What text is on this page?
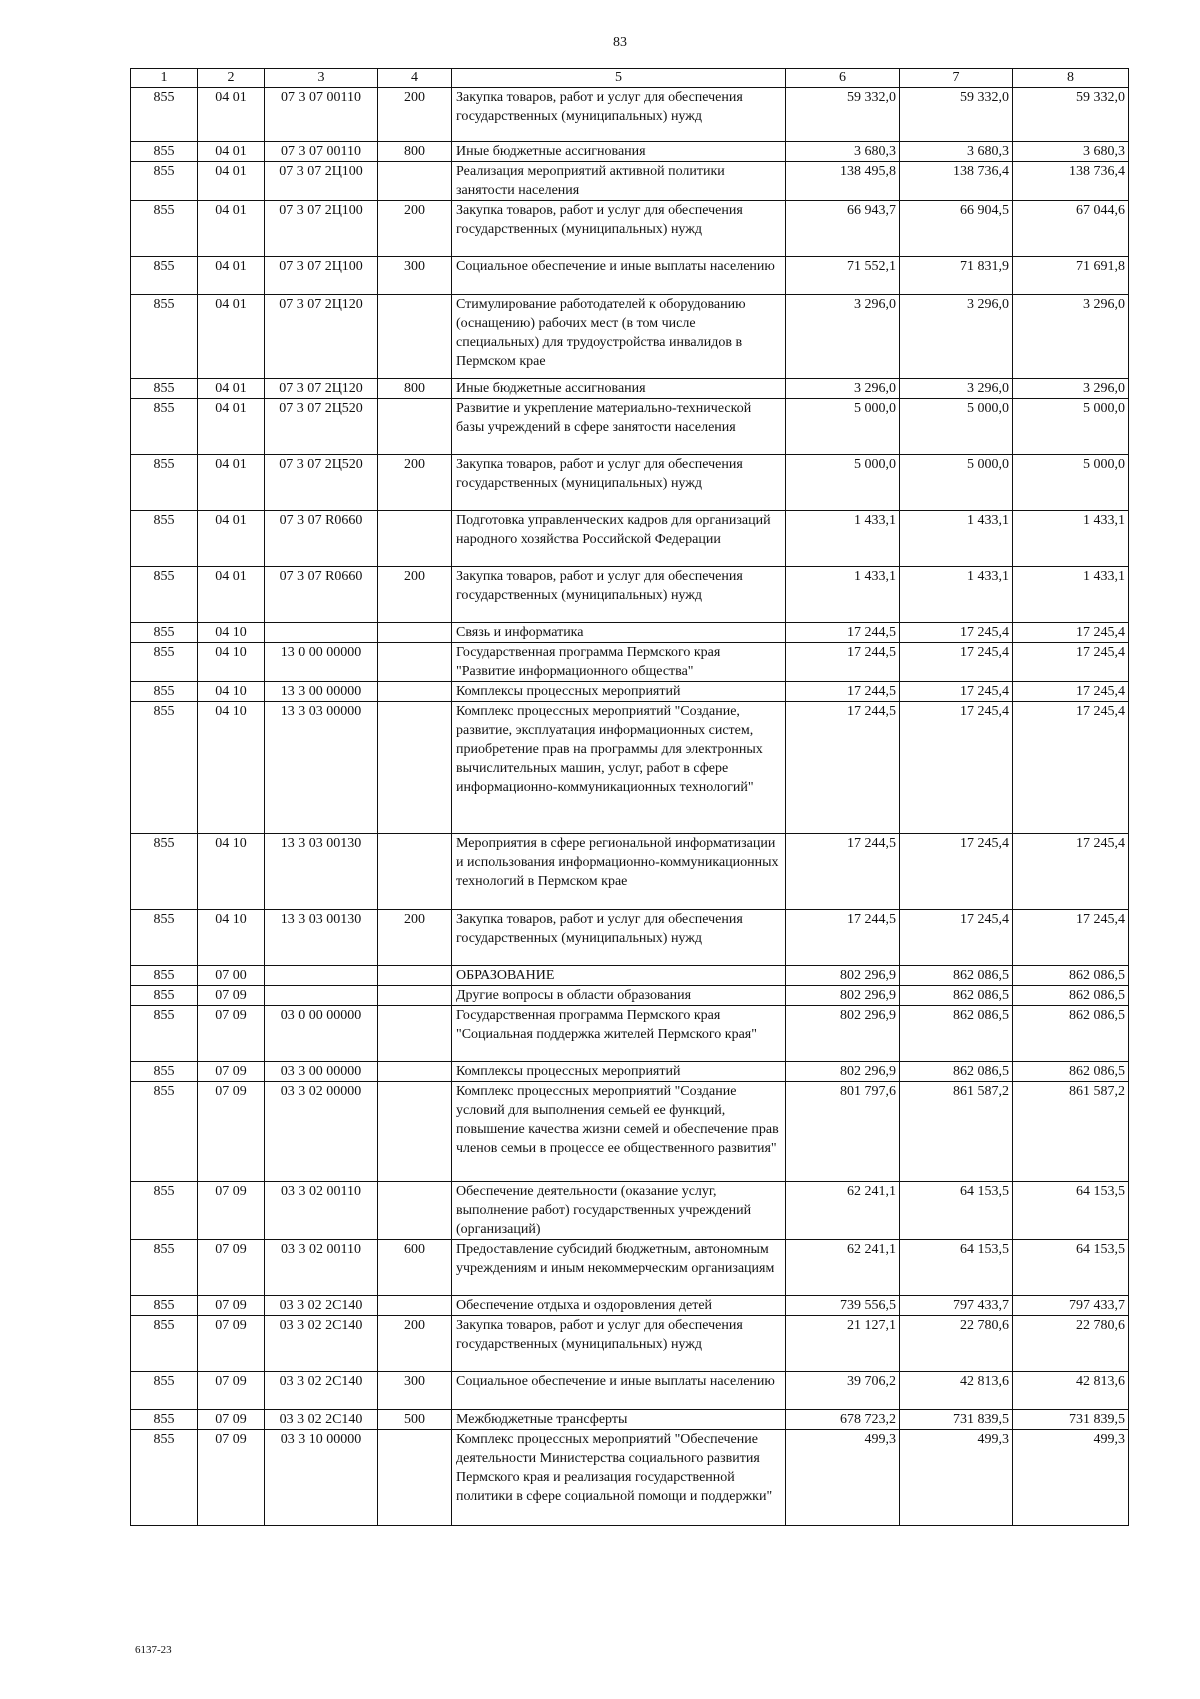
83
1	2	3	4	5	6	7	8
855	04 01	07 3 07 00110	200	Закупка товаров, работ и услуг для обеспечения государственных (муниципальных) нужд	59 332,0	59 332,0	59 332,0
855	04 01	07 3 07 00110	800	Иные бюджетные ассигнования	3 680,3	3 680,3	3 680,3
855	04 01	07 3 07 2Ц100		Реализация мероприятий активной политики занятости населения	138 495,8	138 736,4	138 736,4
855	04 01	07 3 07 2Ц100	200	Закупка товаров, работ и услуг для обеспечения государственных (муниципальных) нужд	66 943,7	66 904,5	67 044,6
855	04 01	07 3 07 2Ц100	300	Социальное обеспечение и иные выплаты населению	71 552,1	71 831,9	71 691,8
855	04 01	07 3 07 2Ц120		Стимулирование работодателей к оборудованию (оснащению) рабочих мест (в том числе специальных) для трудоустройства инвалидов в Пермском крае	3 296,0	3 296,0	3 296,0
855	04 01	07 3 07 2Ц120	800	Иные бюджетные ассигнования	3 296,0	3 296,0	3 296,0
855	04 01	07 3 07 2Ц520		Развитие и укрепление материально-технической базы учреждений в сфере занятости населения	5 000,0	5 000,0	5 000,0
855	04 01	07 3 07 2Ц520	200	Закупка товаров, работ и услуг для обеспечения государственных (муниципальных) нужд	5 000,0	5 000,0	5 000,0
855	04 01	07 3 07 R0660		Подготовка управленческих кадров для организаций народного хозяйства Российской Федерации	1 433,1	1 433,1	1 433,1
855	04 01	07 3 07 R0660	200	Закупка товаров, работ и услуг для обеспечения государственных (муниципальных) нужд	1 433,1	1 433,1	1 433,1
855	04 10			Связь и информатика	17 244,5	17 245,4	17 245,4
855	04 10	13 0 00 00000		Государственная программа Пермского края "Развитие информационного общества"	17 244,5	17 245,4	17 245,4
855	04 10	13 3 00 00000		Комплексы процессных мероприятий	17 244,5	17 245,4	17 245,4
855	04 10	13 3 03 00000		Комплекс процессных мероприятий "Создание, развитие, эксплуатация информационных систем, приобретение прав на программы для электронных вычислительных машин, услуг, работ в сфере информационно-коммуникационных технологий"	17 244,5	17 245,4	17 245,4
855	04 10	13 3 03 00130		Мероприятия в сфере региональной информатизации и использования информационно-коммуникационных технологий в Пермском крае	17 244,5	17 245,4	17 245,4
855	04 10	13 3 03 00130	200	Закупка товаров, работ и услуг для обеспечения государственных (муниципальных) нужд	17 244,5	17 245,4	17 245,4
855	07 00			ОБРАЗОВАНИЕ	802 296,9	862 086,5	862 086,5
855	07 09			Другие вопросы в области образования	802 296,9	862 086,5	862 086,5
855	07 09	03 0 00 00000		Государственная программа Пермского края "Социальная поддержка жителей Пермского края"	802 296,9	862 086,5	862 086,5
855	07 09	03 3 00 00000		Комплексы процессных мероприятий	802 296,9	862 086,5	862 086,5
855	07 09	03 3 02 00000		Комплекс процессных мероприятий "Создание условий для выполнения семьей ее функций, повышение качества жизни семей и обеспечение прав членов семьи в процессе ее общественного развития"	801 797,6	861 587,2	861 587,2
855	07 09	03 3 02 00110		Обеспечение деятельности (оказание услуг, выполнение работ) государственных учреждений (организаций)	62 241,1	64 153,5	64 153,5
855	07 09	03 3 02 00110	600	Предоставление субсидий бюджетным, автономным учреждениям и иным некоммерческим организациям	62 241,1	64 153,5	64 153,5
855	07 09	03 3 02 2С140		Обеспечение отдыха и оздоровления детей	739 556,5	797 433,7	797 433,7
855	07 09	03 3 02 2С140	200	Закупка товаров, работ и услуг для обеспечения государственных (муниципальных) нужд	21 127,1	22 780,6	22 780,6
855	07 09	03 3 02 2С140	300	Социальное обеспечение и иные выплаты населению	39 706,2	42 813,6	42 813,6
855	07 09	03 3 02 2С140	500	Межбюджетные трансферты	678 723,2	731 839,5	731 839,5
855	07 09	03 3 10 00000		Комплекс процессных мероприятий "Обеспечение деятельности Министерства социального развития Пермского края и реализация государственной политики в сфере социальной помощи и поддержки"	499,3	499,3	499,3
6137-23
